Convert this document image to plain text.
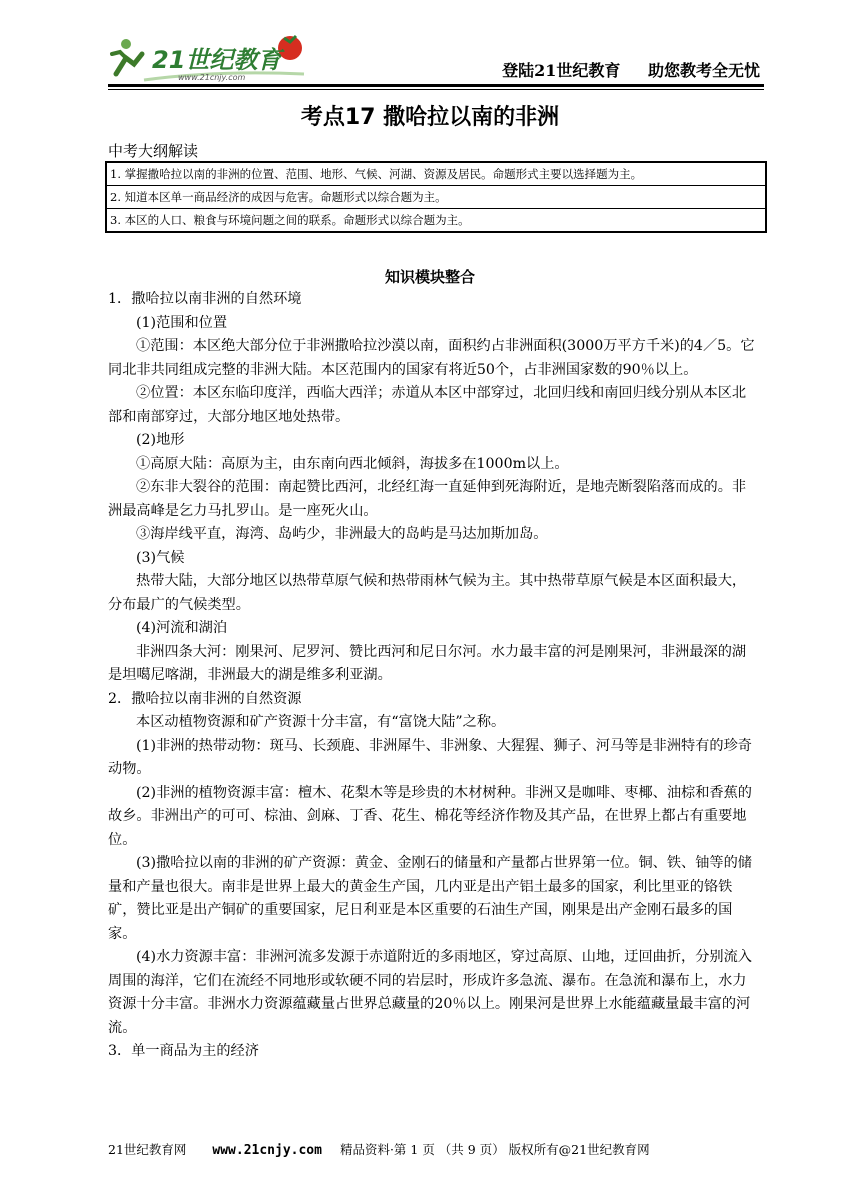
21世纪教育
www.21cnjy.com	登陆21世纪教育 助您教考全无忧
考点17 撒哈拉以南的非洲
中考大纲解读
1. 掌握撒哈拉以南的非洲的位置、范围、地形、气候、河湖、资源及居民。命题形式主要以选择题为主。
2. 知道本区单一商品经济的成因与危害。命题形式以综合题为主。
3. 本区的人口、粮食与环境问题之间的联系。命题形式以综合题为主。
知识模块整合

1．撒哈拉以南非洲的自然环境

(1)范围和位置

①范围：本区绝大部分位于非洲撒哈拉沙漠以南，面积约占非洲面积(3000万平方千米)的4／5。它同北非共同组成完整的非洲大陆。本区范围内的国家有将近50个，占非洲国家数的90％以上。

②位置：本区东临印度洋，西临大西洋；赤道从本区中部穿过，北回归线和南回归线分别从本区北部和南部穿过，大部分地区地处热带。

(2)地形

①高原大陆：高原为主，由东南向西北倾斜，海拔多在1000m以上。

②东非大裂谷的范围：南起赞比西河，北经红海一直延伸到死海附近，是地壳断裂陷落而成的。非洲最高峰是乞力马扎罗山。是一座死火山。

③海岸线平直，海湾、岛屿少，非洲最大的岛屿是马达加斯加岛。

(3)气候

热带大陆，大部分地区以热带草原气候和热带雨林气候为主。其中热带草原气候是本区面积最大，分布最广的气候类型。

(4)河流和湖泊

非洲四条大河：刚果河、尼罗河、赞比西河和尼日尔河。水力最丰富的河是刚果河，非洲最深的湖是坦噶尼喀湖，非洲最大的湖是维多利亚湖。

2．撒哈拉以南非洲的自然资源

本区动植物资源和矿产资源十分丰富，有“富饶大陆”之称。

(1)非洲的热带动物：斑马、长颈鹿、非洲犀牛、非洲象、大猩猩、狮子、河马等是非洲特有的珍奇动物。

(2)非洲的植物资源丰富：檀木、花梨木等是珍贵的木材树种。非洲又是咖啡、枣椰、油棕和香蕉的故乡。非洲出产的可可、棕油、剑麻、丁香、花生、棉花等经济作物及其产品，在世界上都占有重要地位。

(3)撒哈拉以南的非洲的矿产资源：黄金、金刚石的储量和产量都占世界第一位。铜、铁、铀等的储量和产量也很大。南非是世界上最大的黄金生产国，几内亚是出产铝土最多的国家，利比里亚的铬铁矿，赞比亚是出产铜矿的重要国家，尼日利亚是本区重要的石油生产国，刚果是出产金刚石最多的国家。

(4)水力资源丰富：非洲河流多发源于赤道附近的多雨地区，穿过高原、山地，迂回曲折，分别流入周围的海洋，它们在流经不同地形或软硬不同的岩层时，形成许多急流、瀑布。在急流和瀑布上，水力资源十分丰富。非洲水力资源蕴藏量占世界总藏量的20％以上。刚果河是世界上水能蕴藏量最丰富的河流。

3．单一商品为主的经济

21世纪教育网 www.21cnjy.com 精品资料·第 1 页 （共 9 页） 版权所有@21世纪教育网
